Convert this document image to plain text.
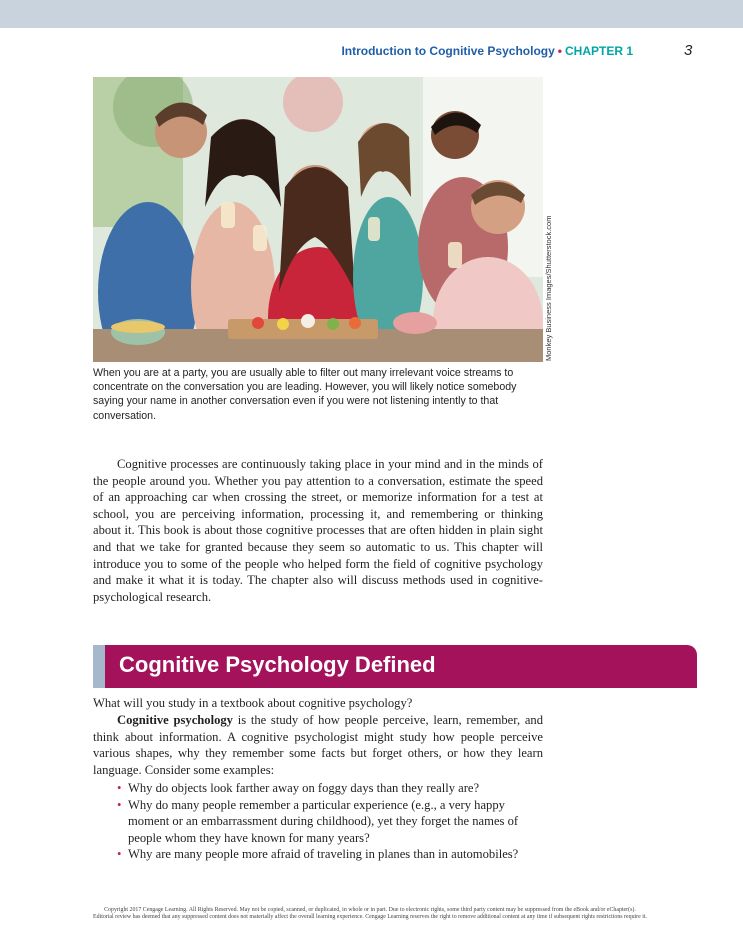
Introduction to Cognitive Psychology • CHAPTER 1	3
Monkey Business Images/Shutterstock.com

When you are at a party, you are usually able to filter out many irrelevant voice streams to concentrate on the conversation you are leading. However, you will likely notice somebody saying your name in another conversation even if you were not listening intently to that conversation.

Cognitive processes are continuously taking place in your mind and in the minds of the people around you. Whether you pay attention to a conversation, estimate the speed of an approaching car when crossing the street, or memorize information for a test at school, you are perceiving information, processing it, and remembering or thinking about it. This book is about those cognitive processes that are often hidden in plain sight and that we take for granted because they seem so automatic to us. This chapter will introduce you to some of the people who helped form the field of cognitive psychology and make it what it is today. The chapter also will discuss methods used in cognitive-psychological research.

Cognitive Psychology Defined

What will you study in a textbook about cognitive psychology?

Cognitive psychology is the study of how people perceive, learn, remember, and think about information. A cognitive psychologist might study how people perceive various shapes, why they remember some facts but forget others, or how they learn language. Consider some examples:

• Why do objects look farther away on foggy days than they really are?
• Why do many people remember a particular experience (e.g., a very happy moment or an embarrassment during childhood), yet they forget the names of people whom they have known for many years?
• Why are many people more afraid of traveling in planes than in automobiles?
Copyright 2017 Cengage Learning. All Rights Reserved. May not be copied, scanned, or duplicated, in whole or in part. Due to electronic rights, some third party content may be suppressed from the eBook and/or eChapter(s).
Editorial review has deemed that any suppressed content does not materially affect the overall learning experience. Cengage Learning reserves the right to remove additional content at any time if subsequent rights restrictions require it.
